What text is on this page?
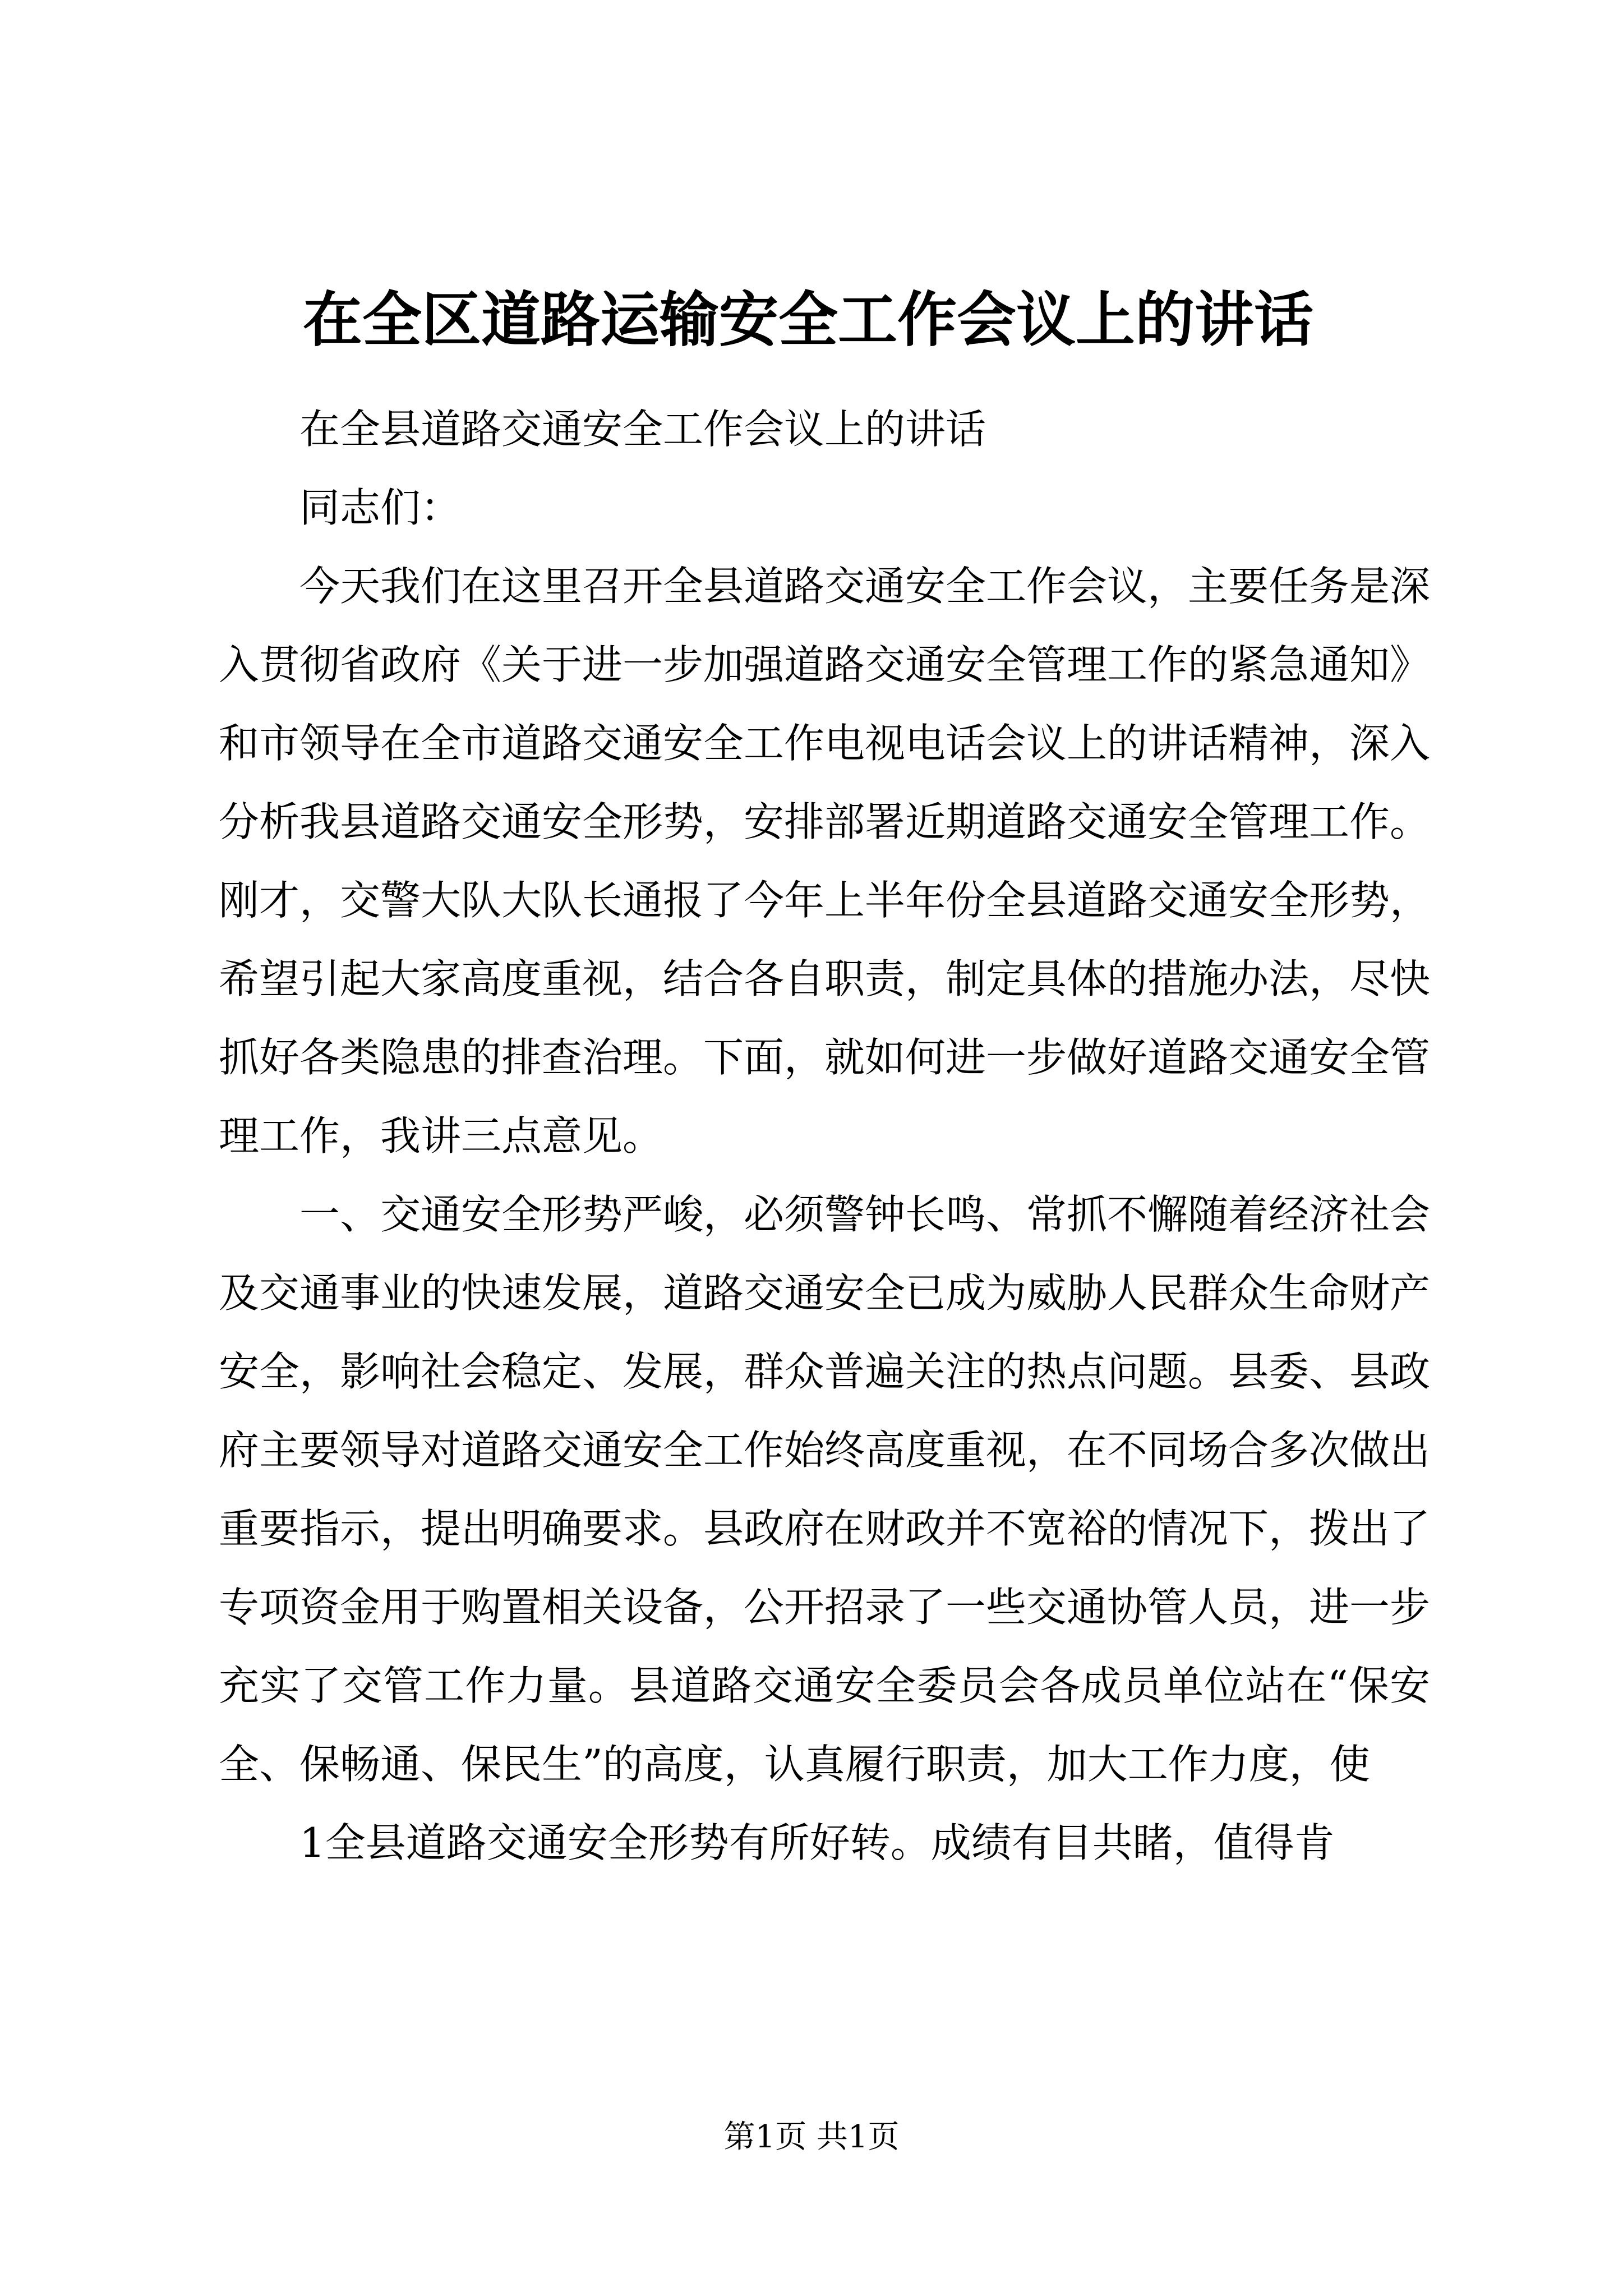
在全区道路运输安全工作会议上的讲话

在全县道路交通安全工作会议上的讲话

同志们：

今天我们在这里召开全县道路交通安全工作会议，主要任务是深入贯彻省政府《关于进一步加强道路交通安全管理工作的紧急通知》和市领导在全市道路交通安全工作电视电话会议上的讲话精神，深入分析我县道路交通安全形势，安排部署近期道路交通安全管理工作。刚才，交警大队大队长通报了今年上半年份全县道路交通安全形势，希望引起大家高度重视，结合各自职责，制定具体的措施办法，尽快抓好各类隐患的排查治理。下面，就如何进一步做好道路交通安全管理工作，我讲三点意见。

一、交通安全形势严峻，必须警钟长鸣、常抓不懈随着经济社会及交通事业的快速发展，道路交通安全已成为威胁人民群众生命财产安全，影响社会稳定、发展，群众普遍关注的热点问题。县委、县政府主要领导对道路交通安全工作始终高度重视，在不同场合多次做出重要指示，提出明确要求。县政府在财政并不宽裕的情况下，拨出了专项资金用于购置相关设备，公开招录了一些交通协管人员，进一步充实了交管工作力量。县道路交通安全委员会各成员单位站在“保安全、保畅通、保民生”的高度，认真履行职责，加大工作力度，使

1全县道路交通安全形势有所好转。成绩有目共睹，值得肯

第1页 共1页
